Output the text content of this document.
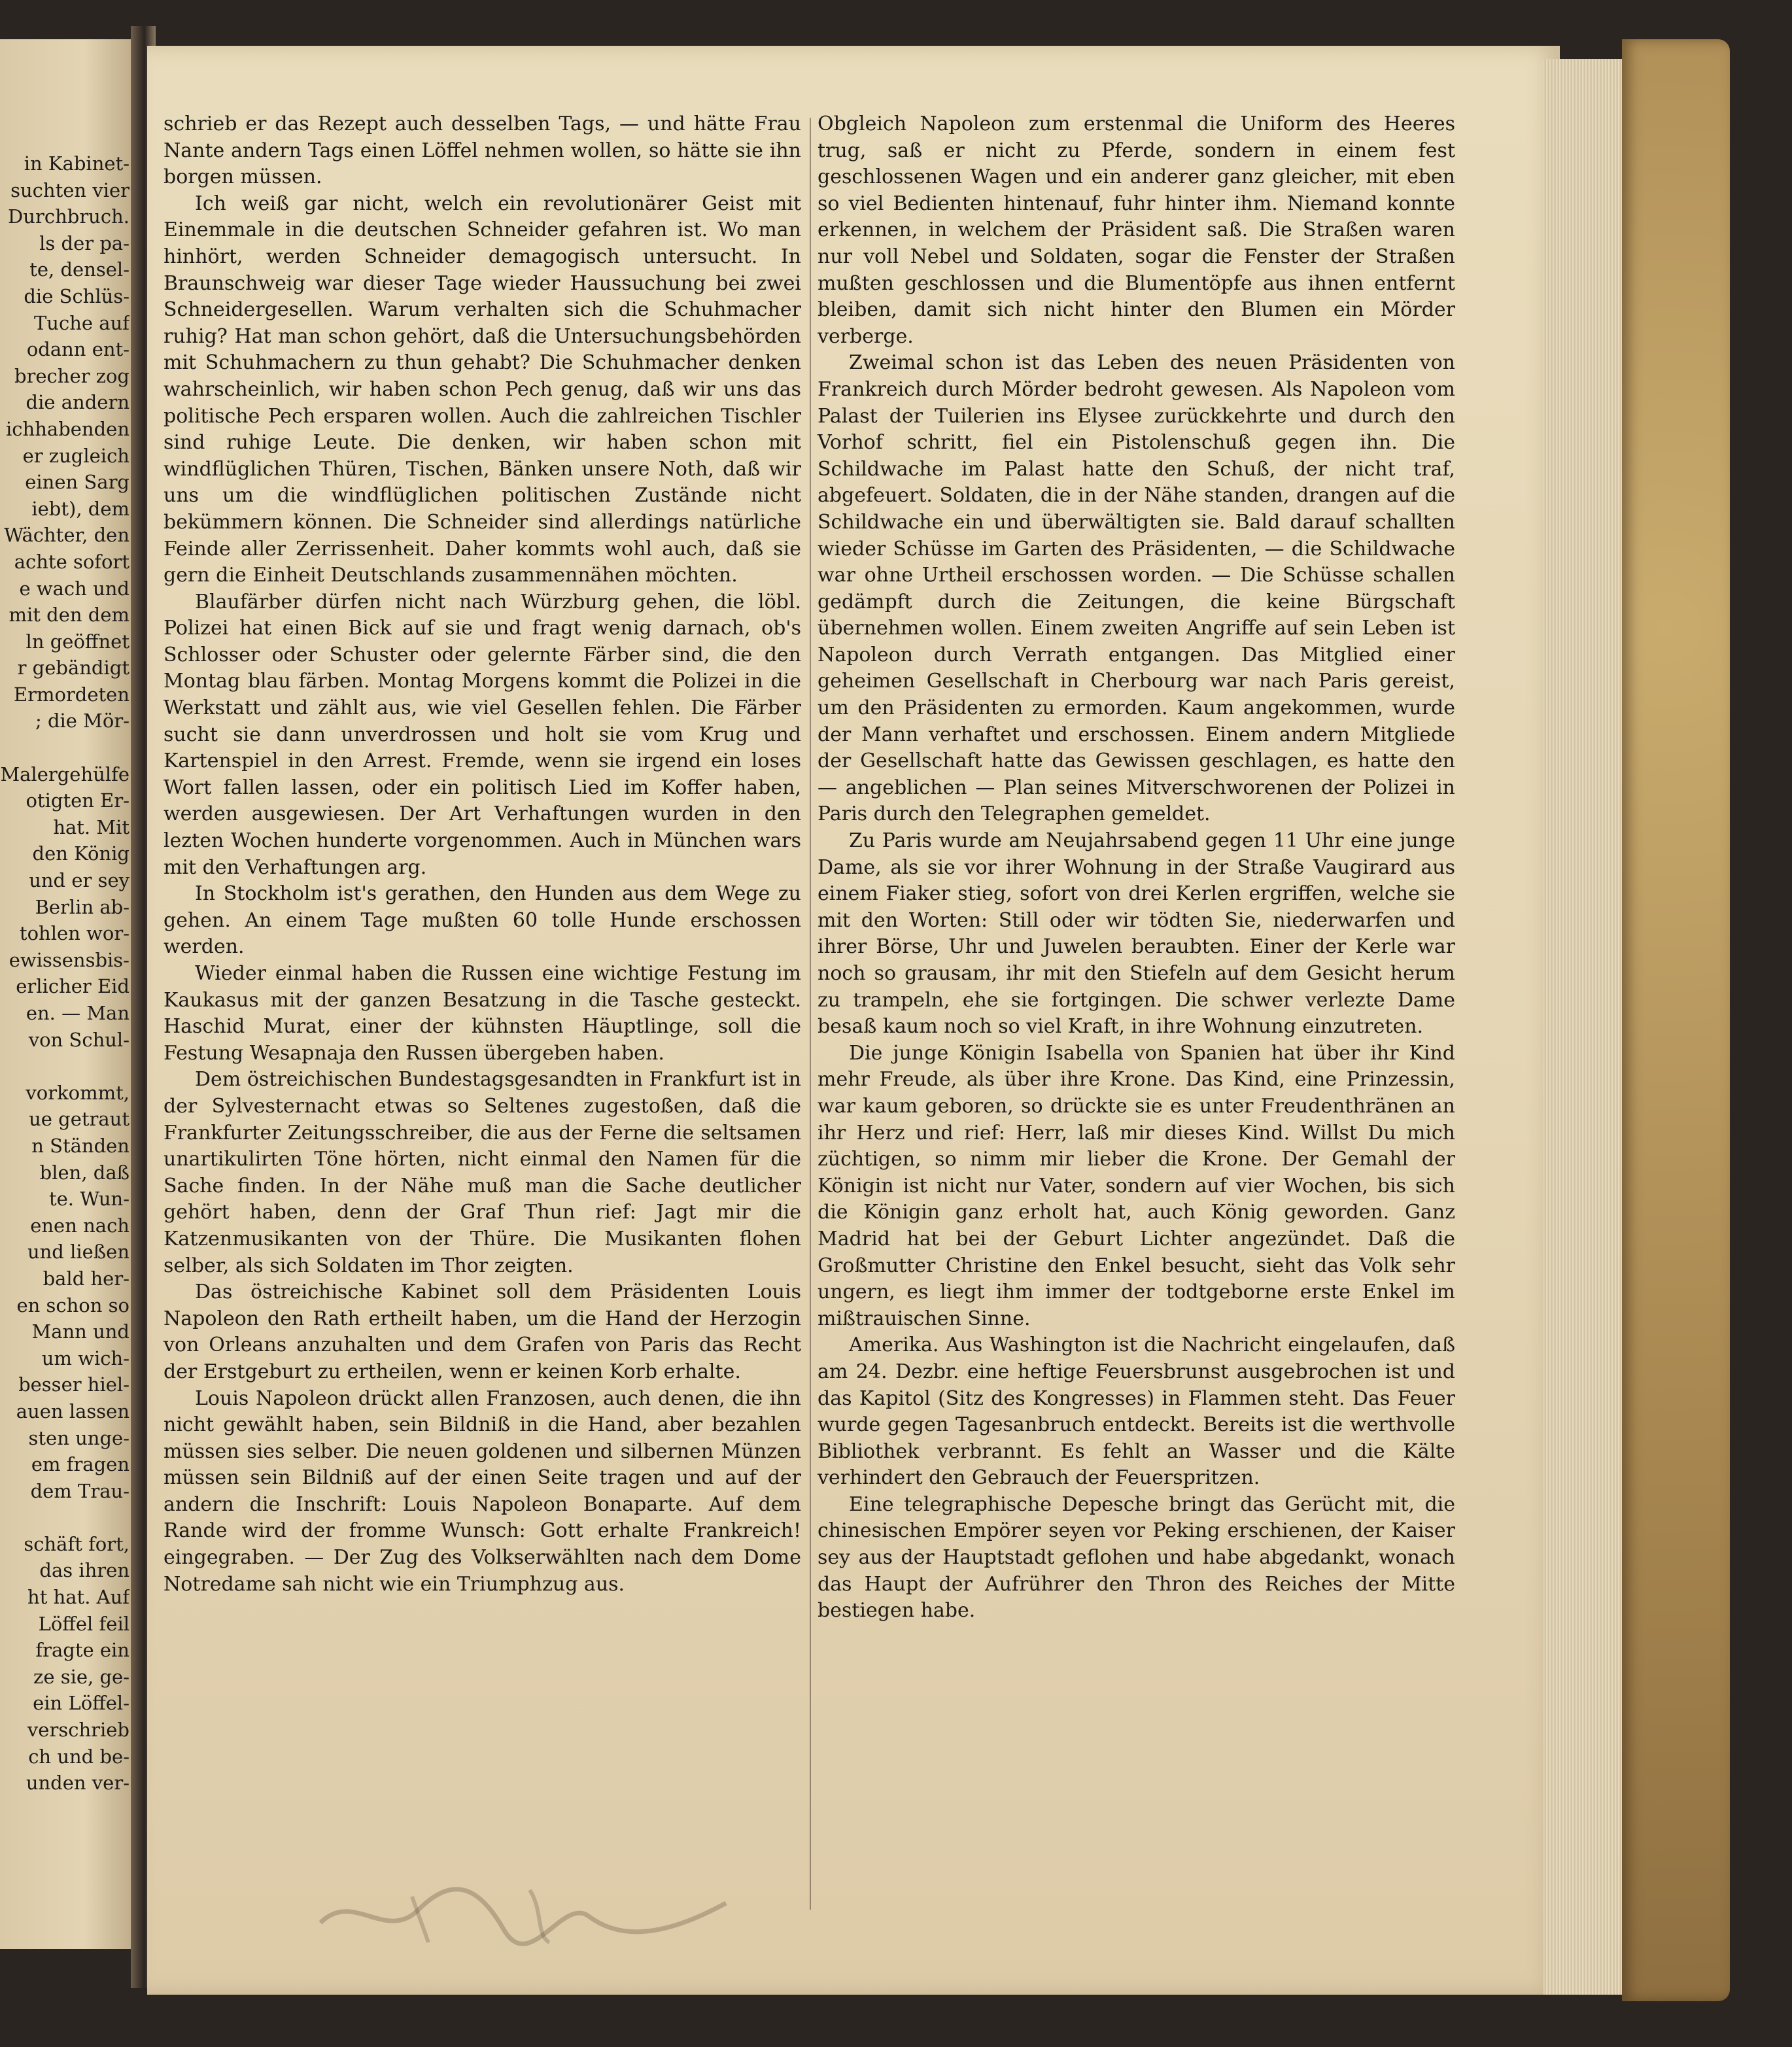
in Kabinet-
suchten vier
Durchbruch.
ls der pa-
te, densel-
die Schlüs-
Tuche auf
odann ent-
brecher zog
die andern
ichhabenden
er zugleich
einen Sarg
iebt), dem
Wächter, den
achte sofort
e wach und
mit den dem
ln geöffnet
r gebändigt
Ermordeten
; die Mör-

Malergehülfe
otigten Er-
hat. Mit
den König
und er sey
Berlin ab-
tohlen wor-
ewissensbis-
erlicher Eid
en. — Man
von Schul-

vorkommt,
ue getraut
n Ständen
blen, daß
te. Wun-
enen nach
und ließen
bald her-
en schon so
Mann und
um wich-
besser hiel-
auen lassen
sten unge-
em fragen
dem Trau-

schäft fort,
das ihren
ht hat. Auf
Löffel feil
fragte ein
ze sie, ge-
ein Löffel-
verschrieb
ch und be-
unden ver-

schrieb er das Rezept auch desselben Tags, — und hätte Frau Nante andern Tags einen Löffel nehmen wollen, so hätte sie ihn borgen müssen.

Ich weiß gar nicht, welch ein revolutionärer Geist mit Einemmale in die deutschen Schneider gefahren ist. Wo man hinhört, werden Schneider demagogisch untersucht. In Braunschweig war dieser Tage wieder Haussuchung bei zwei Schneidergesellen. Warum verhalten sich die Schuhmacher ruhig? Hat man schon gehört, daß die Untersuchungsbehörden mit Schuhmachern zu thun gehabt? Die Schuhmacher denken wahrscheinlich, wir haben schon Pech genug, daß wir uns das politische Pech ersparen wollen. Auch die zahlreichen Tischler sind ruhige Leute. Die denken, wir haben schon mit windflüglichen Thüren, Tischen, Bänken unsere Noth, daß wir uns um die windflüglichen politischen Zustände nicht bekümmern können. Die Schneider sind allerdings natürliche Feinde aller Zerrissenheit. Daher kommts wohl auch, daß sie gern die Einheit Deutschlands zusammennähen möchten.

Blaufärber dürfen nicht nach Würzburg gehen, die löbl. Polizei hat einen Bick auf sie und fragt wenig darnach, ob's Schlosser oder Schuster oder gelernte Färber sind, die den Montag blau färben. Montag Morgens kommt die Polizei in die Werkstatt und zählt aus, wie viel Gesellen fehlen. Die Färber sucht sie dann unverdrossen und holt sie vom Krug und Kartenspiel in den Arrest. Fremde, wenn sie irgend ein loses Wort fallen lassen, oder ein politisch Lied im Koffer haben, werden ausgewiesen. Der Art Verhaftungen wurden in den lezten Wochen hunderte vorgenommen. Auch in München wars mit den Verhaftungen arg.

In Stockholm ist's gerathen, den Hunden aus dem Wege zu gehen. An einem Tage mußten 60 tolle Hunde erschossen werden.

Wieder einmal haben die Russen eine wichtige Festung im Kaukasus mit der ganzen Besatzung in die Tasche gesteckt. Haschid Murat, einer der kühnsten Häuptlinge, soll die Festung Wesapnaja den Russen übergeben haben.

Dem östreichischen Bundestagsgesandten in Frankfurt ist in der Sylvesternacht etwas so Seltenes zugestoßen, daß die Frankfurter Zeitungsschreiber, die aus der Ferne die seltsamen unartikulirten Töne hörten, nicht einmal den Namen für die Sache finden. In der Nähe muß man die Sache deutlicher gehört haben, denn der Graf Thun rief: Jagt mir die Katzenmusikanten von der Thüre. Die Musikanten flohen selber, als sich Soldaten im Thor zeigten.

Das östreichische Kabinet soll dem Präsidenten Louis Napoleon den Rath ertheilt haben, um die Hand der Herzogin von Orleans anzuhalten und dem Grafen von Paris das Recht der Erstgeburt zu ertheilen, wenn er keinen Korb erhalte.

Louis Napoleon drückt allen Franzosen, auch denen, die ihn nicht gewählt haben, sein Bildniß in die Hand, aber bezahlen müssen sies selber. Die neuen goldenen und silbernen Münzen müssen sein Bildniß auf der einen Seite tragen und auf der andern die Inschrift: Louis Napoleon Bonaparte. Auf dem Rande wird der fromme Wunsch: Gott erhalte Frankreich! eingegraben. — Der Zug des Volkserwählten nach dem Dome Notredame sah nicht wie ein Triumphzug aus.

Obgleich Napoleon zum erstenmal die Uniform des Heeres trug, saß er nicht zu Pferde, sondern in einem fest geschlossenen Wagen und ein anderer ganz gleicher, mit eben so viel Bedienten hintenauf, fuhr hinter ihm. Niemand konnte erkennen, in welchem der Präsident saß. Die Straßen waren nur voll Nebel und Soldaten, sogar die Fenster der Straßen mußten geschlossen und die Blumentöpfe aus ihnen entfernt bleiben, damit sich nicht hinter den Blumen ein Mörder verberge.

Zweimal schon ist das Leben des neuen Präsidenten von Frankreich durch Mörder bedroht gewesen. Als Napoleon vom Palast der Tuilerien ins Elysee zurückkehrte und durch den Vorhof schritt, fiel ein Pistolenschuß gegen ihn. Die Schildwache im Palast hatte den Schuß, der nicht traf, abgefeuert. Soldaten, die in der Nähe standen, drangen auf die Schildwache ein und überwältigten sie. Bald darauf schallten wieder Schüsse im Garten des Präsidenten, — die Schildwache war ohne Urtheil erschossen worden. — Die Schüsse schallen gedämpft durch die Zeitungen, die keine Bürgschaft übernehmen wollen. Einem zweiten Angriffe auf sein Leben ist Napoleon durch Verrath entgangen. Das Mitglied einer geheimen Gesellschaft in Cherbourg war nach Paris gereist, um den Präsidenten zu ermorden. Kaum angekommen, wurde der Mann verhaftet und erschossen. Einem andern Mitgliede der Gesellschaft hatte das Gewissen geschlagen, es hatte den — angeblichen — Plan seines Mitverschworenen der Polizei in Paris durch den Telegraphen gemeldet.

Zu Paris wurde am Neujahrsabend gegen 11 Uhr eine junge Dame, als sie vor ihrer Wohnung in der Straße Vaugirard aus einem Fiaker stieg, sofort von drei Kerlen ergriffen, welche sie mit den Worten: Still oder wir tödten Sie, niederwarfen und ihrer Börse, Uhr und Juwelen beraubten. Einer der Kerle war noch so grausam, ihr mit den Stiefeln auf dem Gesicht herum zu trampeln, ehe sie fortgingen. Die schwer verlezte Dame besaß kaum noch so viel Kraft, in ihre Wohnung einzutreten.

Die junge Königin Isabella von Spanien hat über ihr Kind mehr Freude, als über ihre Krone. Das Kind, eine Prinzessin, war kaum geboren, so drückte sie es unter Freudenthränen an ihr Herz und rief: Herr, laß mir dieses Kind. Willst Du mich züchtigen, so nimm mir lieber die Krone. Der Gemahl der Königin ist nicht nur Vater, sondern auf vier Wochen, bis sich die Königin ganz erholt hat, auch König geworden. Ganz Madrid hat bei der Geburt Lichter angezündet. Daß die Großmutter Christine den Enkel besucht, sieht das Volk sehr ungern, es liegt ihm immer der todtgeborne erste Enkel im mißtrauischen Sinne.

Amerika. Aus Washington ist die Nachricht eingelaufen, daß am 24. Dezbr. eine heftige Feuersbrunst ausgebrochen ist und das Kapitol (Sitz des Kongresses) in Flammen steht. Das Feuer wurde gegen Tagesanbruch entdeckt. Bereits ist die werthvolle Bibliothek verbrannt. Es fehlt an Wasser und die Kälte verhindert den Gebrauch der Feuerspritzen.

Eine telegraphische Depesche bringt das Gerücht mit, die chinesischen Empörer seyen vor Peking erschienen, der Kaiser sey aus der Hauptstadt geflohen und habe abgedankt, wonach das Haupt der Aufrührer den Thron des Reiches der Mitte bestiegen habe.
